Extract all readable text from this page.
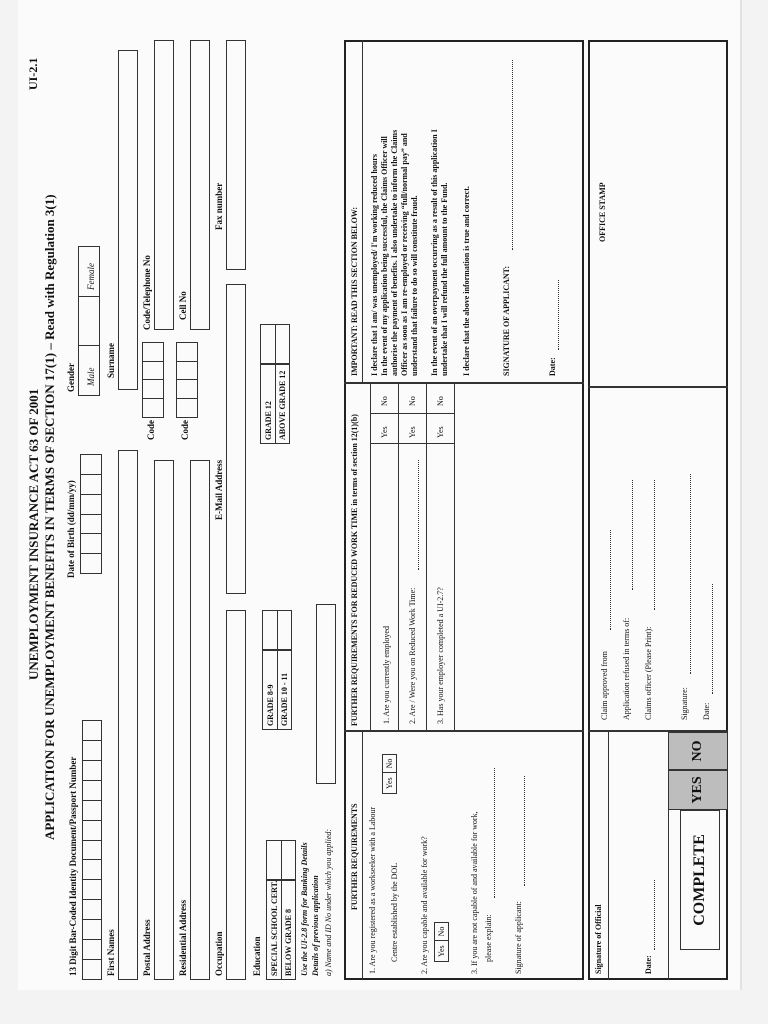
UI-2.1
UNEMPLOYMENT INSURANCE ACT 63 OF 2001 APPLICATION FOR UNEMPLOYMENT BENEFITS IN TERMS OF SECTION 17(1) – Read with Regulation 3(1)
13 Digit Bar-Coded Identity Document/Passport Number
Date of Birth (dd/mm/yy)
Gender Male
Female
First Names
Surname
Postal Address
Code
Code/Telephone No
Residential Address
Code
Cell No
Occupation
E-Mail Address
Fax number
Education SPECIAL SCHOOL CERT. BELOW GRADE 8
GRADE 8-9 GRADE 10 - 11
GRADE 12 ABOVE GRADE 12
Use the UI-2.8 form for Banking Details Details of previous application a) Name and ID No under which you applied: FURTHER REQUIREMENTS 1. Are you registered as a workseeker with a Labour Centre established by the DOL
Yes
No
2. Are you capable and available for work?	Yes
No	3. If you are not capable of and available for work, please explain:	Signature of applicant:
FURTHER REQUIREMENTS FOR REDUCED WORK TIME in terms of section 12(1)(b)	1. Are you currently employed 2. Are / Were you on Reduced Work Time: 3. Has your employer completed a UI-2.7?
Yes
No
Yes
No
Yes
No
IMPORTANT: READ THIS SECTION BELOW: I declare that I am/ was unemployed/ I'm working reduced hours In the event of my application being successful, the Claims Officer will authorise the payment of benefits. I also undertake to inform the Claims Officer as soon as I am re-employed or receiving “full/normal pay” and understand that failure to do so will constitute fraud. In the event of an overpayment occurring as a result of this application I undertake that I will refund the full amount to the Fund. I declare that the above information is true and correct.	SIGNATURE OF APPLICANT:	Date:
Signature of Official	Date:
COMPLETE
YES
NO
Claim approved from Application refused in terms of: Claims officer (Please Print):	Signature: Date:
OFFICE STAMP
